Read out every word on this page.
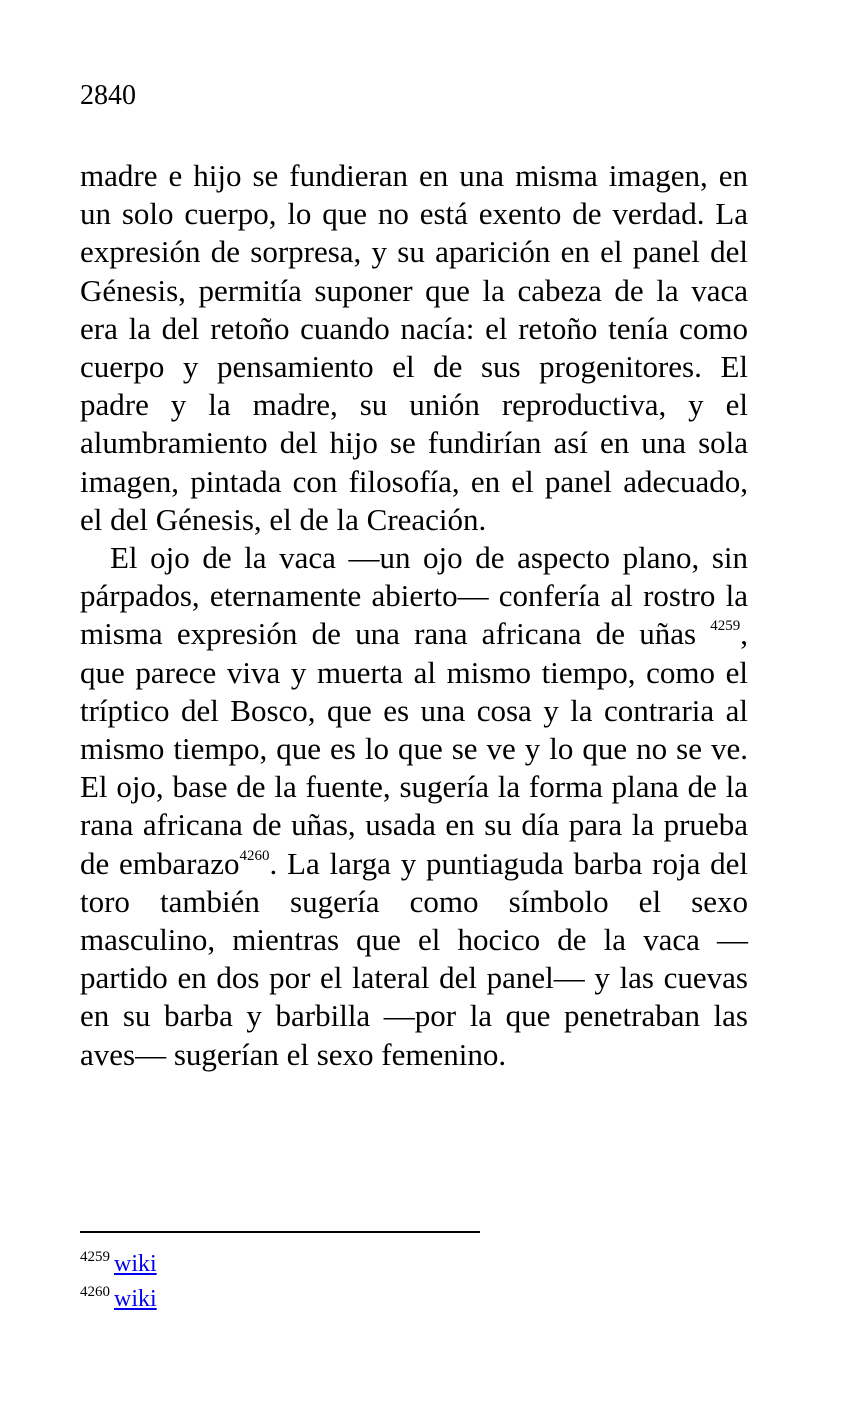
2840

madre e hijo se fundieran en una misma imagen, en un solo cuerpo, lo que no está exento de verdad. La expresión de sorpresa, y su aparición en el panel del Génesis, permitía suponer que la cabeza de la vaca era la del retoño cuando nacía: el retoño tenía como cuerpo y pensamiento el de sus progenitores. El padre y la madre, su unión reproductiva, y el alumbramiento del hijo se fundirían así en una sola imagen, pintada con filosofía, en el panel adecuado, el del Génesis, el de la Creación.

El ojo de la vaca —un ojo de aspecto plano, sin párpados, eternamente abierto— confería al rostro la misma expresión de una rana africana de uñas $^{4259}$, que parece viva y muerta al mismo tiempo, como el tríptico del Bosco, que es una cosa y la contraria al mismo tiempo, que es lo que se ve y lo que no se ve. El ojo, base de la fuente, sugería la forma plana de la rana africana de uñas, usada en su día para la prueba de embarazo$^{4260}$. La larga y puntiaguda barba roja del toro también sugería como símbolo el sexo masculino, mientras que el hocico de la vaca —partido en dos por el lateral del panel— y las cuevas en su barba y barbilla —por la que penetraban las aves— sugerían el sexo femenino.

$^{4259}$ wiki
$^{4260}$ wiki
